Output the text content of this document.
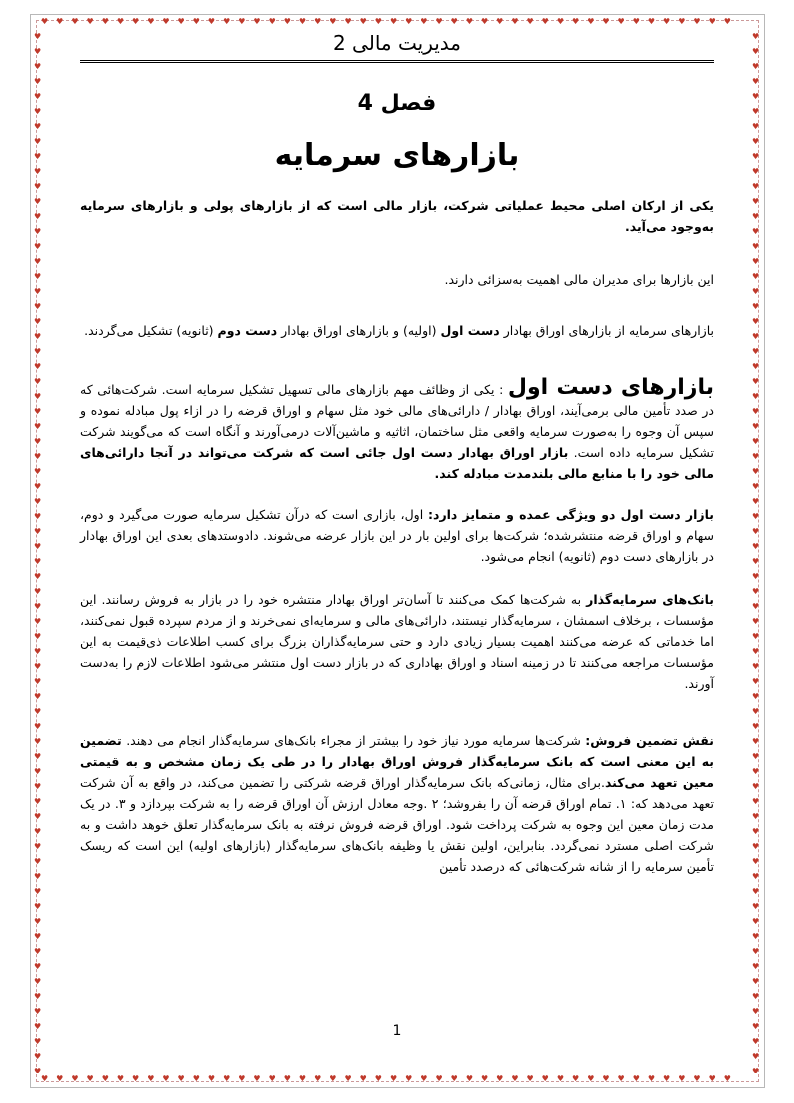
♥♥♥♥♥♥♥♥♥♥♥♥♥♥♥♥♥♥♥♥♥♥♥♥♥♥♥♥♥♥♥♥♥♥♥♥♥♥♥♥♥♥♥♥♥♥
♥♥♥♥♥♥♥♥♥♥♥♥♥♥♥♥♥♥♥♥♥♥♥♥♥♥♥♥♥♥♥♥♥♥♥♥♥♥♥♥♥♥♥♥♥♥
♥♥♥♥♥♥♥♥♥♥♥♥♥♥♥♥♥♥♥♥♥♥♥♥♥♥♥♥♥♥♥♥♥♥♥♥♥♥♥♥♥♥♥♥♥♥♥♥♥♥♥♥♥♥♥♥♥♥♥♥♥♥♥♥♥♥♥♥♥♥
♥♥♥♥♥♥♥♥♥♥♥♥♥♥♥♥♥♥♥♥♥♥♥♥♥♥♥♥♥♥♥♥♥♥♥♥♥♥♥♥♥♥♥♥♥♥♥♥♥♥♥♥♥♥♥♥♥♥♥♥♥♥♥♥♥♥♥♥♥♥
مدیریت مالی 2
فصل 4
بازارهای سرمایه

یکی از ارکان اصلی محیط عملیاتی شرکت، بازار مالی است که از بازارهای پولی و بازارهای سرمایه به‌وجود می‌آید.

این بازارها برای مدیران مالی اهمیت به‌سزائی دارند.

بازارهای سرمایه از بازارهای اوراق بهادار دست اول (اولیه) و بازارهای اوراق بهادار دست دوم (ثانویه) تشکیل می‌گردند.

بازارهای دست اول : یکی از وظائف مهم بازارهای مالی تسهیل تشکیل سرمایه است. شرکت‌هائی که در صدد تأمین مالی برمی‌آیند، اوراق بهادار / دارائی‌های مالی خود مثل سهام و اوراق قرضه را در ازاء پول مبادله نموده و سپس آن وجوه را به‌صورت سرمایه واقعی مثل ساختمان، اثاثیه و ماشین‌آلات درمی‌آورند و آنگاه است که می‌گویند شرکت تشکیل سرمایه داده است. بازار اوراق بهادار دست اول جائی است که شرکت می‌تواند در آنجا دارائی‌های مالی خود را با منابع مالی بلندمدت مبادله کند.

بازار دست اول دو ویژگی عمده و متمایز دارد: اول، بازاری است که درآن تشکیل سرمایه صورت می‌گیرد و دوم، سهام و اوراق قرضه منتشرشده؛ شرکت‌ها برای اولین بار در این بازار عرضه می‌شوند. دادوستدهای بعدی این اوراق بهادار در بازارهای دست دوم (ثانویه) انجام می‌شود.

بانک‌های سرمایه‌گذار به شرکت‌ها کمک می‌کنند تا آسان‌تر اوراق بهادار منتشره خود را در بازار به فروش رسانند. این مؤسسات ، برخلاف اسمشان ، سرمایه‌گذار نیستند، دارائی‌های مالی و سرمایه‌ای نمی‌خرند و از مردم سپرده قبول نمی‌کنند، اما خدماتی که عرضه می‌کنند اهمیت بسیار زیادی دارد و حتی سرمایه‌گذاران بزرگ برای کسب اطلاعات ذی‌قیمت به این مؤسسات مراجعه می‌کنند تا در زمینه اسناد و اوراق بهاداری که در بازار دست اول منتشر می‌شود اطلاعات لازم را به‌دست آورند.

نقش تضمین فروش: شرکت‌ها سرمایه مورد نیاز خود را بیشتر از مجراء بانک‌های سرمایه‌گذار انجام می دهند. تضمین به این معنی است که بانک سرمایه‌گذار فروش اوراق بهادار را در طی یک زمان مشخص و به قیمتی معین تعهد می‌کند.برای مثال، زمانی‌که بانک سرمایه‌گذار اوراق قرضه شرکتی را تضمین می‌کند، در واقع به آن شرکت تعهد می‌دهد که: ۱. تمام اوراق قرضه آن را بفروشد؛ ۲ .وجه معادل ارزش آن اوراق قرضه را به شرکت بپردازد و ۳. در یک مدت زمان معین این وجوه به شرکت پرداخت شود. اوراق قرضه فروش نرفته به بانک سرمایه‌گذار تعلق خوهد داشت و به شرکت اصلی مسترد نمی‌گردد. بنابراین، اولین نقش یا وظیفه بانک‌های سرمایه‌گذار (بازارهای اولیه) این است که ریسک تأمین سرمایه را از شانه شرکت‌هائی که درصدد تأمین

1
